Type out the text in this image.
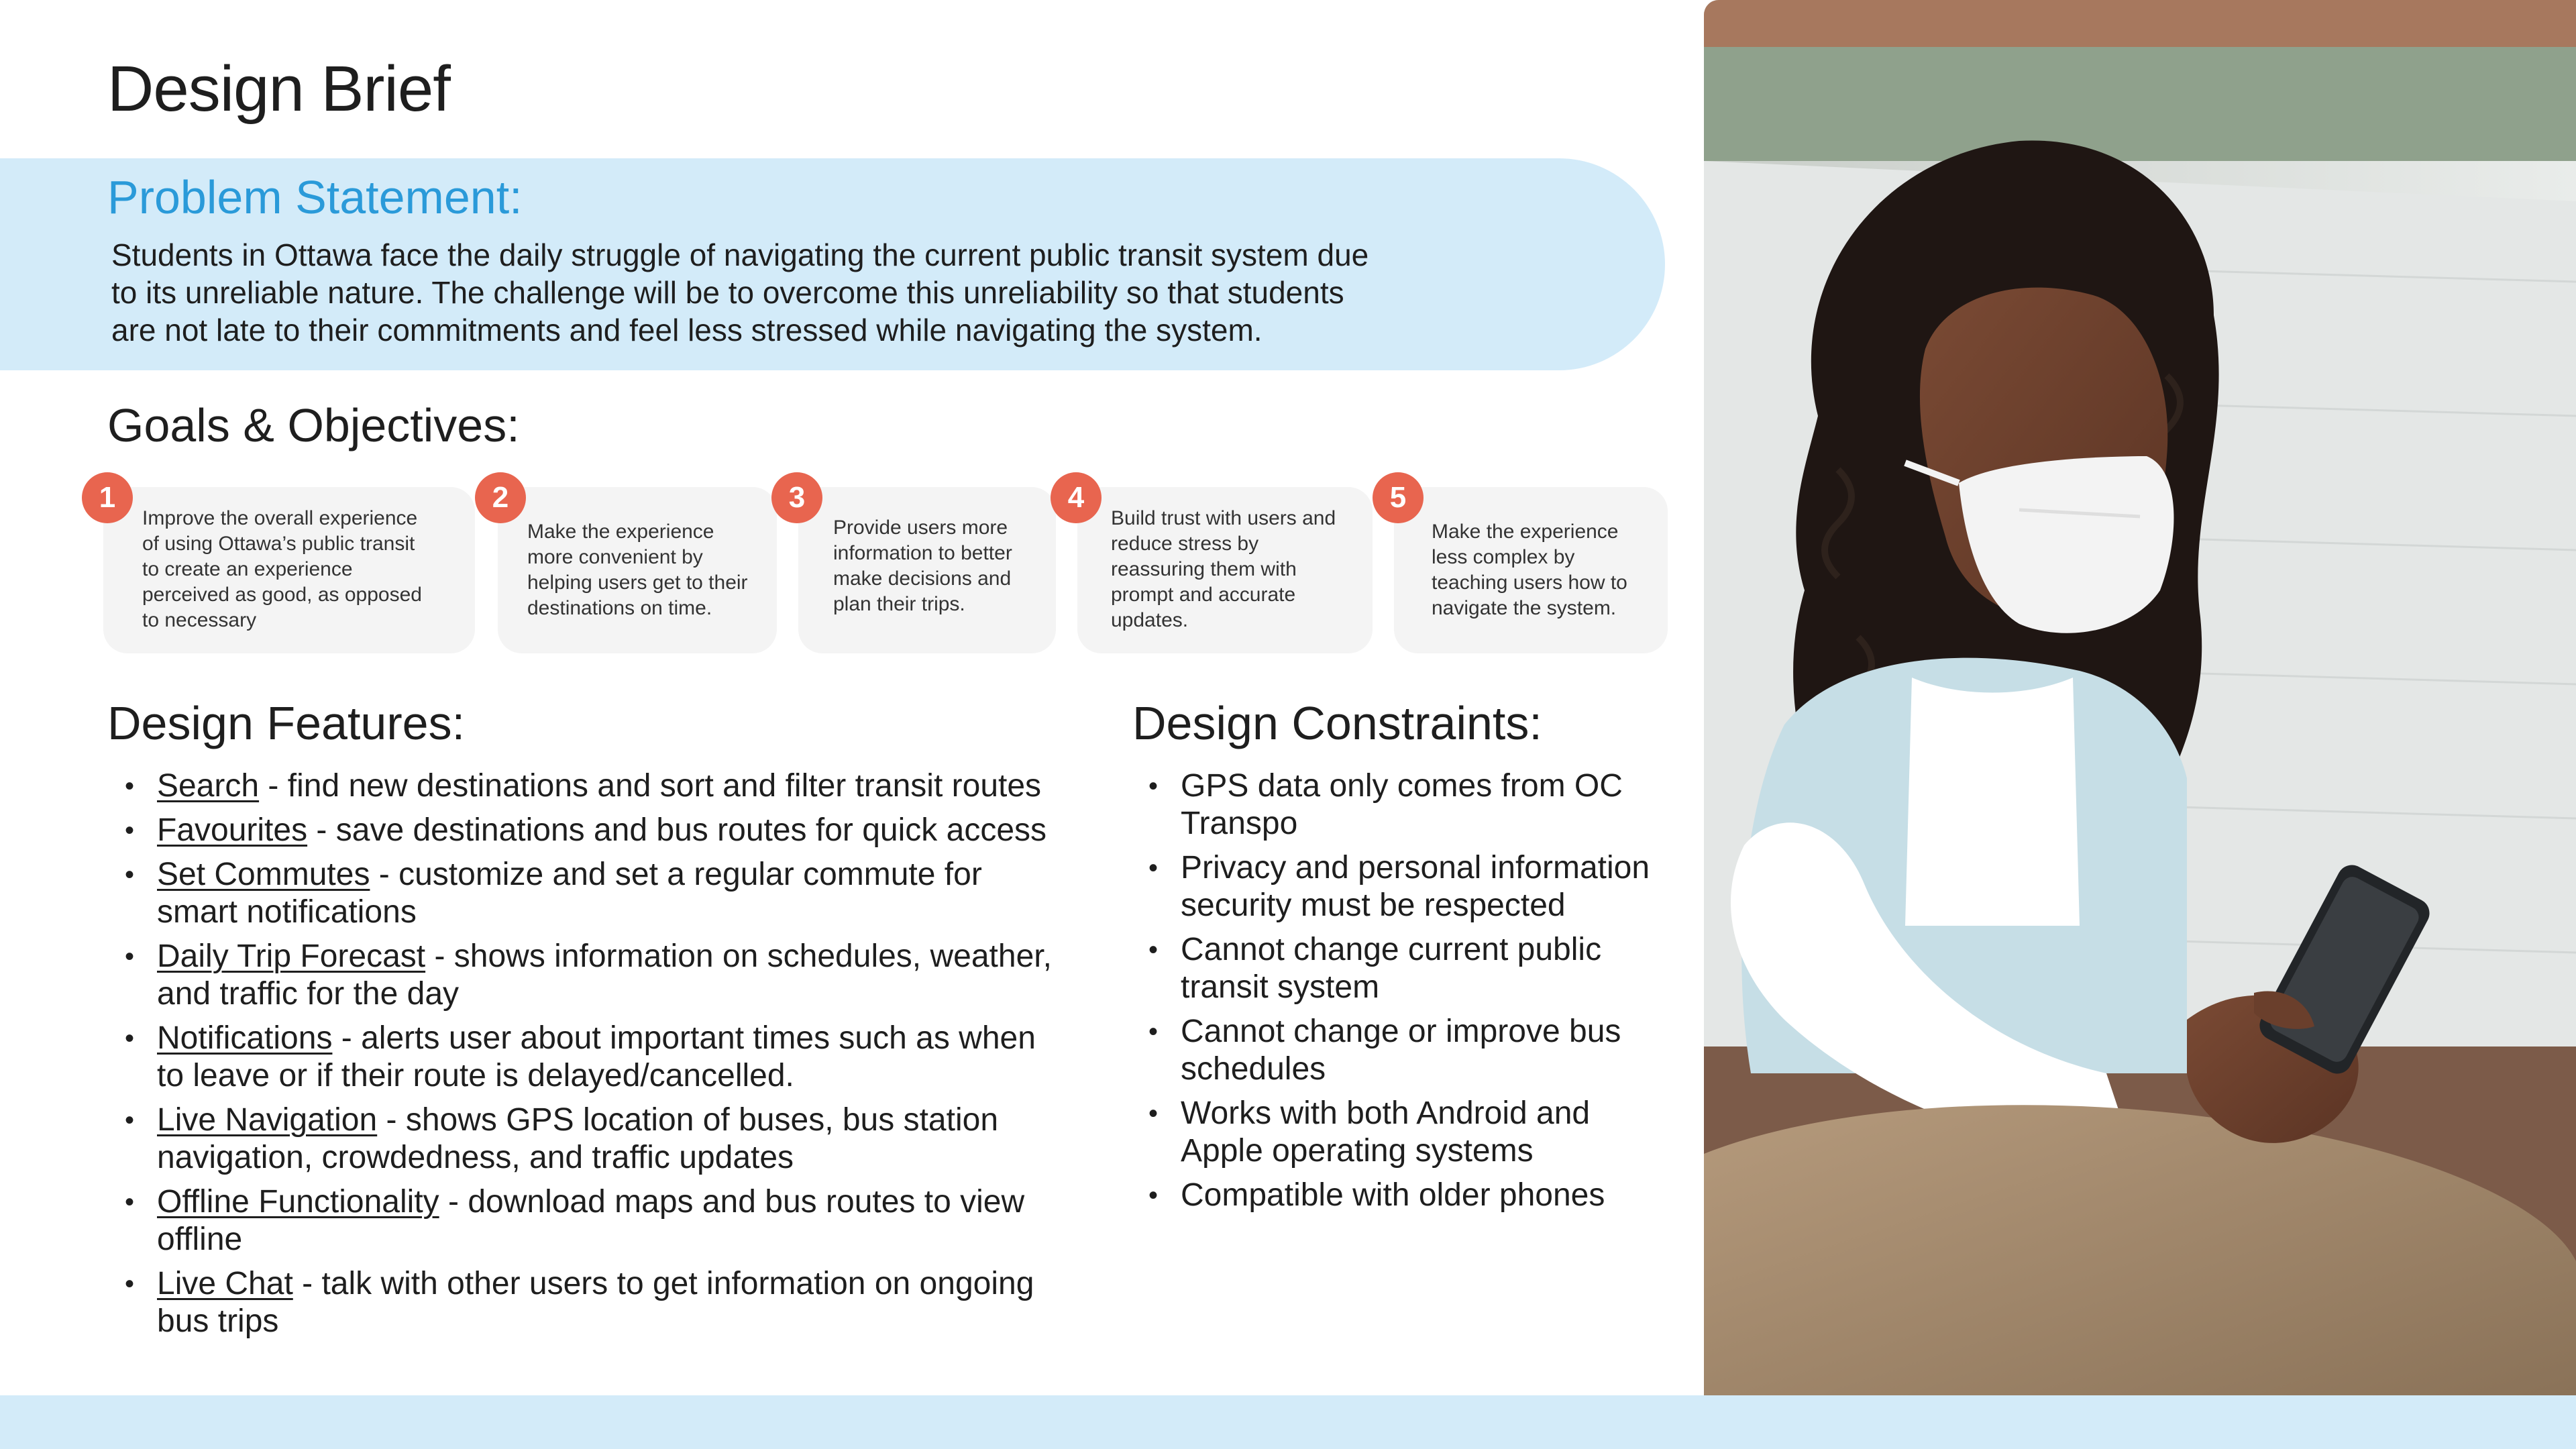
Design Brief
Problem Statement:
Students in Ottawa face the daily struggle of navigating the current public transit system due
to its unreliable nature. The challenge will be to overcome this unreliability so that students
are not late to their commitments and feel less stressed while navigating the system.
Goals & Objectives:
Improve the overall experience
of using Ottawa’s public transit
to create an experience
perceived as good, as opposed
to necessary
1
Make the experience
more convenient by
helping users get to their
destinations on time.
2
Provide users more
information to better
make decisions and
plan their trips.
3
Build trust with users and
reduce stress by
reassuring them with
prompt and accurate
updates.
4
Make the experience
less complex by
teaching users how to
navigate the system.
5
Design Features:
• Search - find new destinations and sort and filter transit routes
• Favourites - save destinations and bus routes for quick access
• Set Commutes - customize and set a regular commute for
smart notifications
• Daily Trip Forecast - shows information on schedules, weather,
and traffic for the day
• Notifications - alerts user about important times such as when
to leave or if their route is delayed/cancelled.
• Live Navigation - shows GPS location of buses, bus station
navigation, crowdedness, and traffic updates
• Offline Functionality - download maps and bus routes to view
offline
• Live Chat - talk with other users to get information on ongoing
bus trips
Design Constraints:
• GPS data only comes from OC
Transpo
• Privacy and personal information
security must be respected
• Cannot change current public
transit system
• Cannot change or improve bus
schedules
• Works with both Android and
Apple operating systems
• Compatible with older phones
